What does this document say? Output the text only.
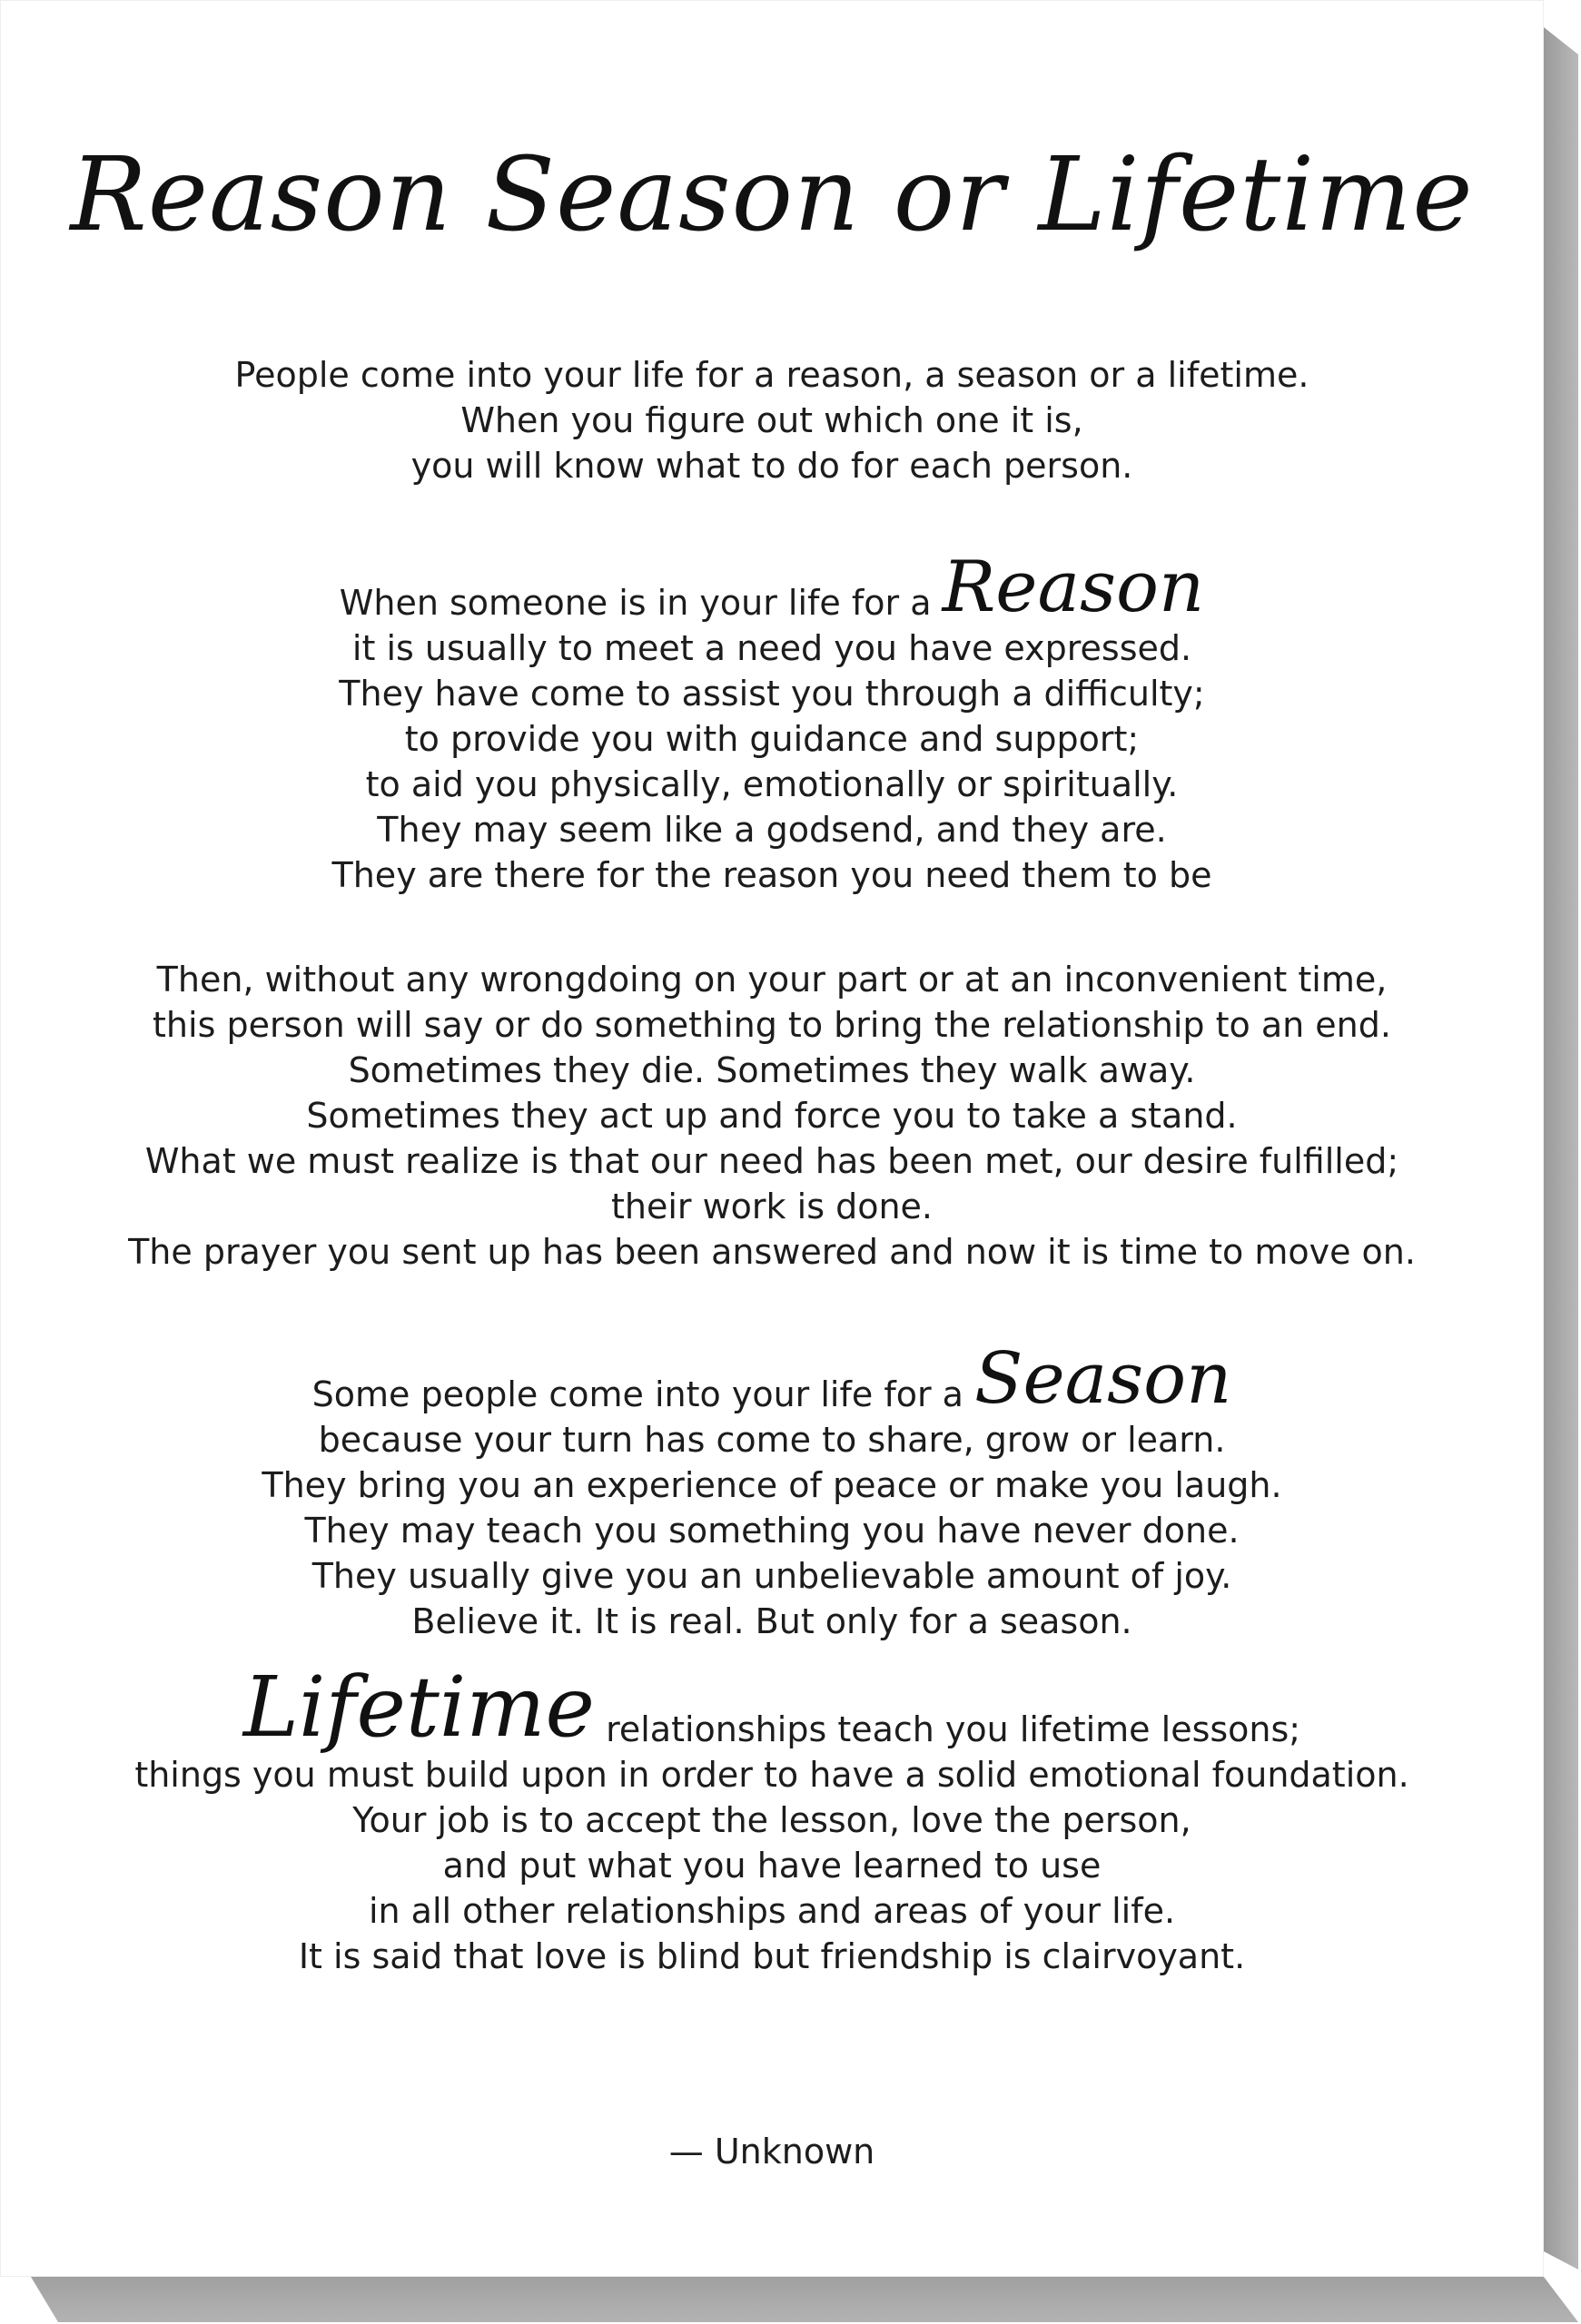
Reason Season or Lifetime
People come into your life for a reason, a season or a lifetime.
When you figure out which one it is,
you will know what to do for each person.
When someone is in your life for a Reason
it is usually to meet a need you have expressed.
They have come to assist you through a difficulty;
to provide you with guidance and support;
to aid you physically, emotionally or spiritually.
They may seem like a godsend, and they are.
They are there for the reason you need them to be
Then, without any wrongdoing on your part or at an inconvenient time,
this person will say or do something to bring the relationship to an end.
Sometimes they die. Sometimes they walk away.
Sometimes they act up and force you to take a stand.
What we must realize is that our need has been met, our desire fulfilled;
their work is done.
The prayer you sent up has been answered and now it is time to move on.
Some people come into your life for a Season
because your turn has come to share, grow or learn.
They bring you an experience of peace or make you laugh.
They may teach you something you have never done.
They usually give you an unbelievable amount of joy.
Believe it. It is real. But only for a season.
Lifetime relationships teach you lifetime lessons;
things you must build upon in order to have a solid emotional foundation.
Your job is to accept the lesson, love the person,
and put what you have learned to use
in all other relationships and areas of your life.
It is said that love is blind but friendship is clairvoyant.
— Unknown
